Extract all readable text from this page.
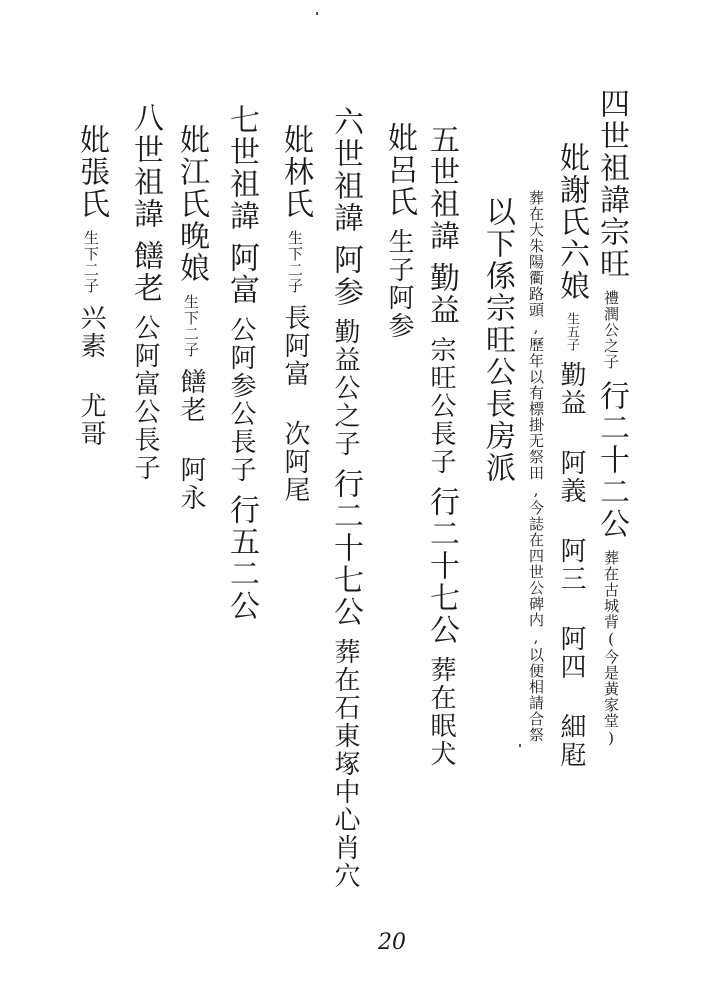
四世祖諱宗旺禮潤公之子行二十二公葬在古城背(今是黃家堂)
妣謝氏六娘生五子勤益 阿義 阿三 阿四 細屘
葬在大朱陽衢路頭,歷年以有標掛无祭田,今誌在四世公碑内,以便相請合祭
以下係宗旺公長房派
五世祖諱勤益宗旺公長子行二十七公葬在眠犬
妣呂氏生子阿参
六世祖諱阿参勤益公之子行二十七公葬在石東塚中心肖穴
妣林氏生下二子長阿富 次阿尾
七世祖諱阿富公阿参公長子行五二公
妣江氏晚娘生下二子饍老 阿永
八世祖諱饍老公阿富公長子
妣張氏生下二子兴素 尤哥
20
